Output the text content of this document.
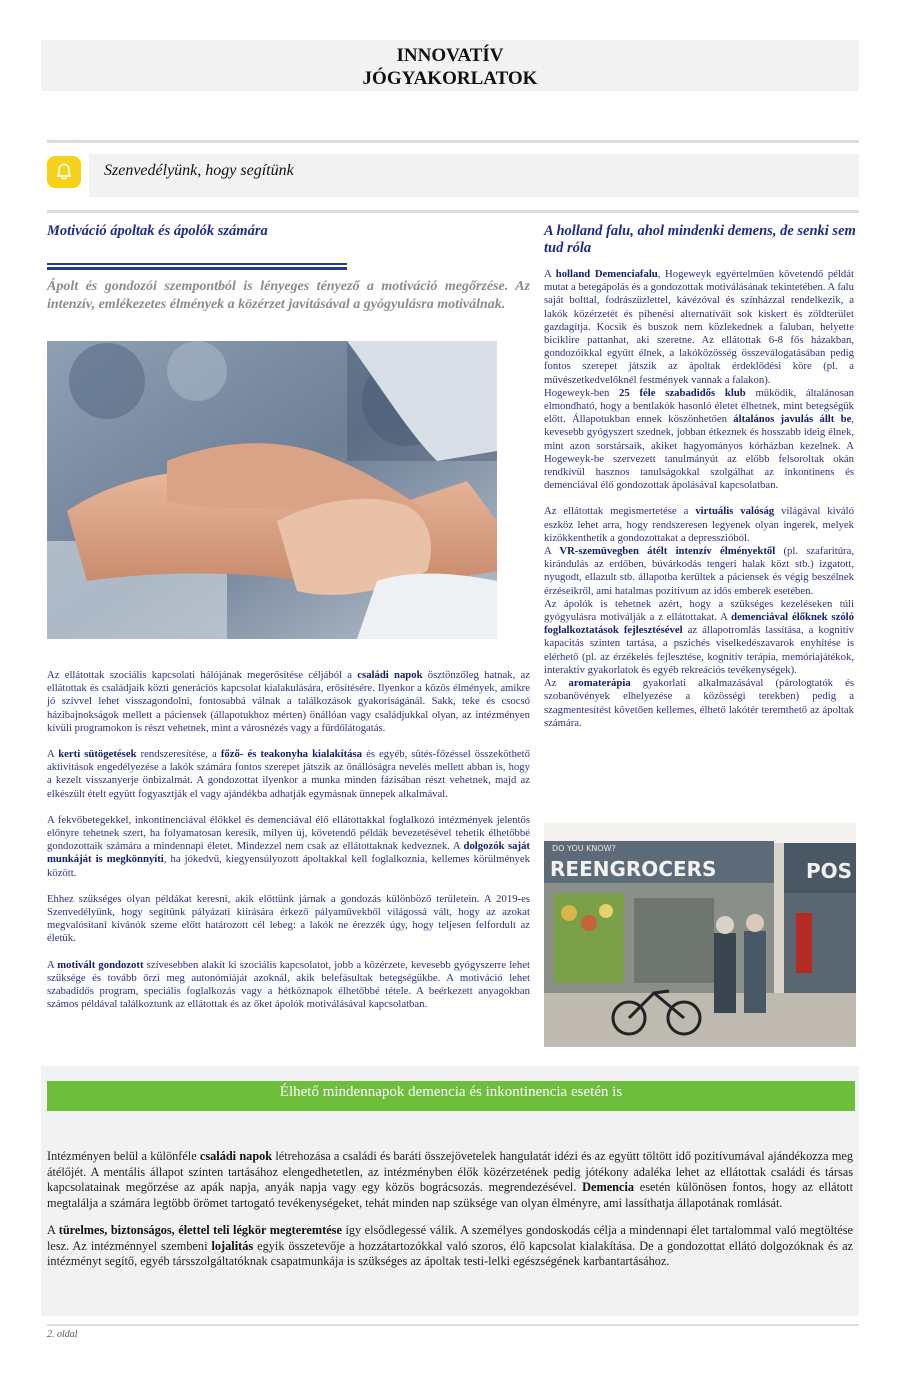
INNOVATÍV
JÓGYAKORLATOK
Szenvedélyünk, hogy segítünk
Motiváció ápoltak és ápolók számára	A holland falu, ahol mindenki demens, de senki sem tud róla
Ápolt és gondozói szempontból is lényeges tényező a motiváció megőrzése. Az intenzív, emlékezetes élmények a közérzet javításával a gyógyulásra motiválnak.
DO YOU KNOW?
REENGROCERS	POS

Az ellátottak szociális kapcsolati hálójának megerősítése céljából a családi napok ösztönzőleg hatnak, az ellátottak és családjaik közti generációs kapcsolat kialakulására, erősítésére. Ilyenkor a közös élmények, amikre jó szívvel lehet visszagondolni, fontosabbá válnak a találkozások gyakoriságánál. Sakk, teke és csocsó házibajnokságok mellett a páciensek (állapotukhoz mérten) önállóan vagy családjukkal olyan, az intézményen kívüli programokon is részt vehetnek, mint a városnézés vagy a fürdőlátogatás.

A kerti sütögetések rendszeresítése, a főző- és teakonyha kialakítása és egyéb, sütés-főzéssel összeköthető aktivitások engedélyezése a lakók számára fontos szerepet játszik az önállóságra nevelés mellett abban is, hogy a kezelt visszanyerje önbizalmát. A gondozottat ilyenkor a munka minden fázisában részt vehetnek, majd az elkészült ételt együtt fogyasztják el vagy ajándékba adhatják egymásnak ünnepek alkalmával.

A fekvőbetegekkel, inkontinenciával élőkkel és demenciával élő ellátottakkal foglalkozó intézmények jelentős előnyre tehetnek szert, ha folyamatosan keresik, milyen új, követendő példák bevezetésével tehetik élhetőbbé gondozottaik számára a mindennapi életet. Mindezzel nem csak az ellátottaknak kedveznek. A dolgozók saját munkáját is megkönnyíti, ha jókedvű, kiegyensúlyozott ápoltakkal kell foglalkoznia, kellemes körülmények között.

Ehhez szükséges olyan példákat keresni, akik előttünk járnak a gondozás különböző területein. A 2019-es Szenvedélyünk, hogy segítünk pályázati kiírására érkező pályaművekből világossá vált, hogy az azokat megvalósítani kívánók szeme előtt határozott cél lebeg: a lakók ne érezzék úgy, hogy teljesen felfordult az életük.

A motivált gondozott szívesebben alakít ki szociális kapcsolatot, jobb a közérzete, kevesebb gyógyszerre lehet szüksége és tovább őrzi meg autonómiáját azoknál, akik belefásultak betegségükbe. A motiváció lehet szabadidős program, speciális foglalkozás vagy a hétköznapok élhetőbbé tétele. A beérkezett anyagokban számos példával találkoztunk az ellátottak és az őket ápolók motiválásával kapcsolatban.

A holland Demenciafalu, Hogeweyk egyértelműen követendő példát mutat a betegápolás és a gondozottak motiválásának tekintetében. A falu saját bolttal, fodrászüzlettel, kávézóval és színházzal rendelkezik, a lakók közérzetét és pihenési alternatíváit sok kiskert és zöldterület gazdagítja. Kocsik és buszok nem közlekednek a faluban, helyette biciklire pattanhat, aki szeretne. Az ellátottak 6-8 fős házakban, gondozóikkal együtt élnek, a lakóközösség összeválogatásában pedig fontos szerepet játszik az ápoltak érdeklődési köre (pl. a művészetkedvelőknél festmények vannak a falakon).

Hogeweyk-ben 25 féle szabadidős klub működik, általánosan elmondható, hogy a bentlakók hasonló életet élhetnek, mint betegségük előtt. Állapotukban ennek köszönhetően általános javulás állt be, kevesebb gyógyszert szednek, jobban étkeznek és hosszabb ideig élnek, mint azon sorstársaik, akiket hagyományos kórházban kezelnek. A Hogeweyk-be szervezett tanulmányút az előbb felsoroltak okán rendkívül hasznos tanulságokkal szolgálhat az inkontinens és demenciával élő gondozottak ápolásával kapcsolatban.

Az ellátottak megismertetése a virtuális valóság világával kiváló eszköz lehet arra, hogy rendszeresen legyenek olyan ingerek, melyek kizökkenthetik a gondozottakat a depresszióból.

A VR-szemüvegben átélt intenzív élményektől (pl. szafaritúra, kirándulás az erdőben, búvárkodás tengeri halak közt stb.) izgatott, nyugodt, ellazult stb. állapotba kerültek a páciensek és végig beszélnek érzéseikről, ami hatalmas pozitívum az idős emberek esetében.

Az ápolók is tehetnek azért, hogy a szükséges kezeléseken túli gyógyulásra motiválják a z ellátottakat. A demenciával élőknek szóló foglalkoztatások fejlesztésével az állapotromlás lassítása, a kognitív kapacitás szinten tartása, a pszichés viselkedészavarok enyhítése is elérhető (pl. az érzékelés fejlesztése, kognitív terápia, memóriajátékok, interaktív gyakorlatok és egyéb rekreációs tevékenységek).

Az aromaterápia gyakorlati alkalmazásával (párologtatók és szobanövények elhelyezése a közösségi terekben) pedig a szagmentesítést követően kellemes, élhető lakótér teremthető az ápoltak számára.

Élhető mindennapok demencia és inkontinencia esetén is

Intézményen belül a különféle családi napok létrehozása a családi és baráti összejövetelek hangulatát idézi és az együtt töltött idő pozitívumával ajándékozza meg átélőjét. A mentális állapot szinten tartásához elengedhetetlen, az intézményben élők közérzetének pedig jótékony adaléka lehet az ellátottak családi és társas kapcsolatainak megőrzése az apák napja, anyák napja vagy egy közös bográcsozás. megrendezésével. Demencia esetén különösen fontos, hogy az ellátott megtalálja a számára legtöbb örömet tartogató tevékenységeket, tehát minden nap szüksége van olyan élményre, ami lassíthatja állapotának romlását.

A türelmes, biztonságos, élettel teli légkör megteremtése így elsődlegessé válik. A személyes gondoskodás célja a mindennapi élet tartalommal való megtöltése lesz. Az intézménnyel szembeni lojalitás egyik összetevője a hozzátartozókkal való szoros, élő kapcsolat kialakítása. De a gondozottat ellátó dolgozóknak és az intézményt segítő, egyéb társszolgáltatóknak csapatmunkája is szükséges az ápoltak testi-lelki egészségének karbantartásához.

2. oldal
